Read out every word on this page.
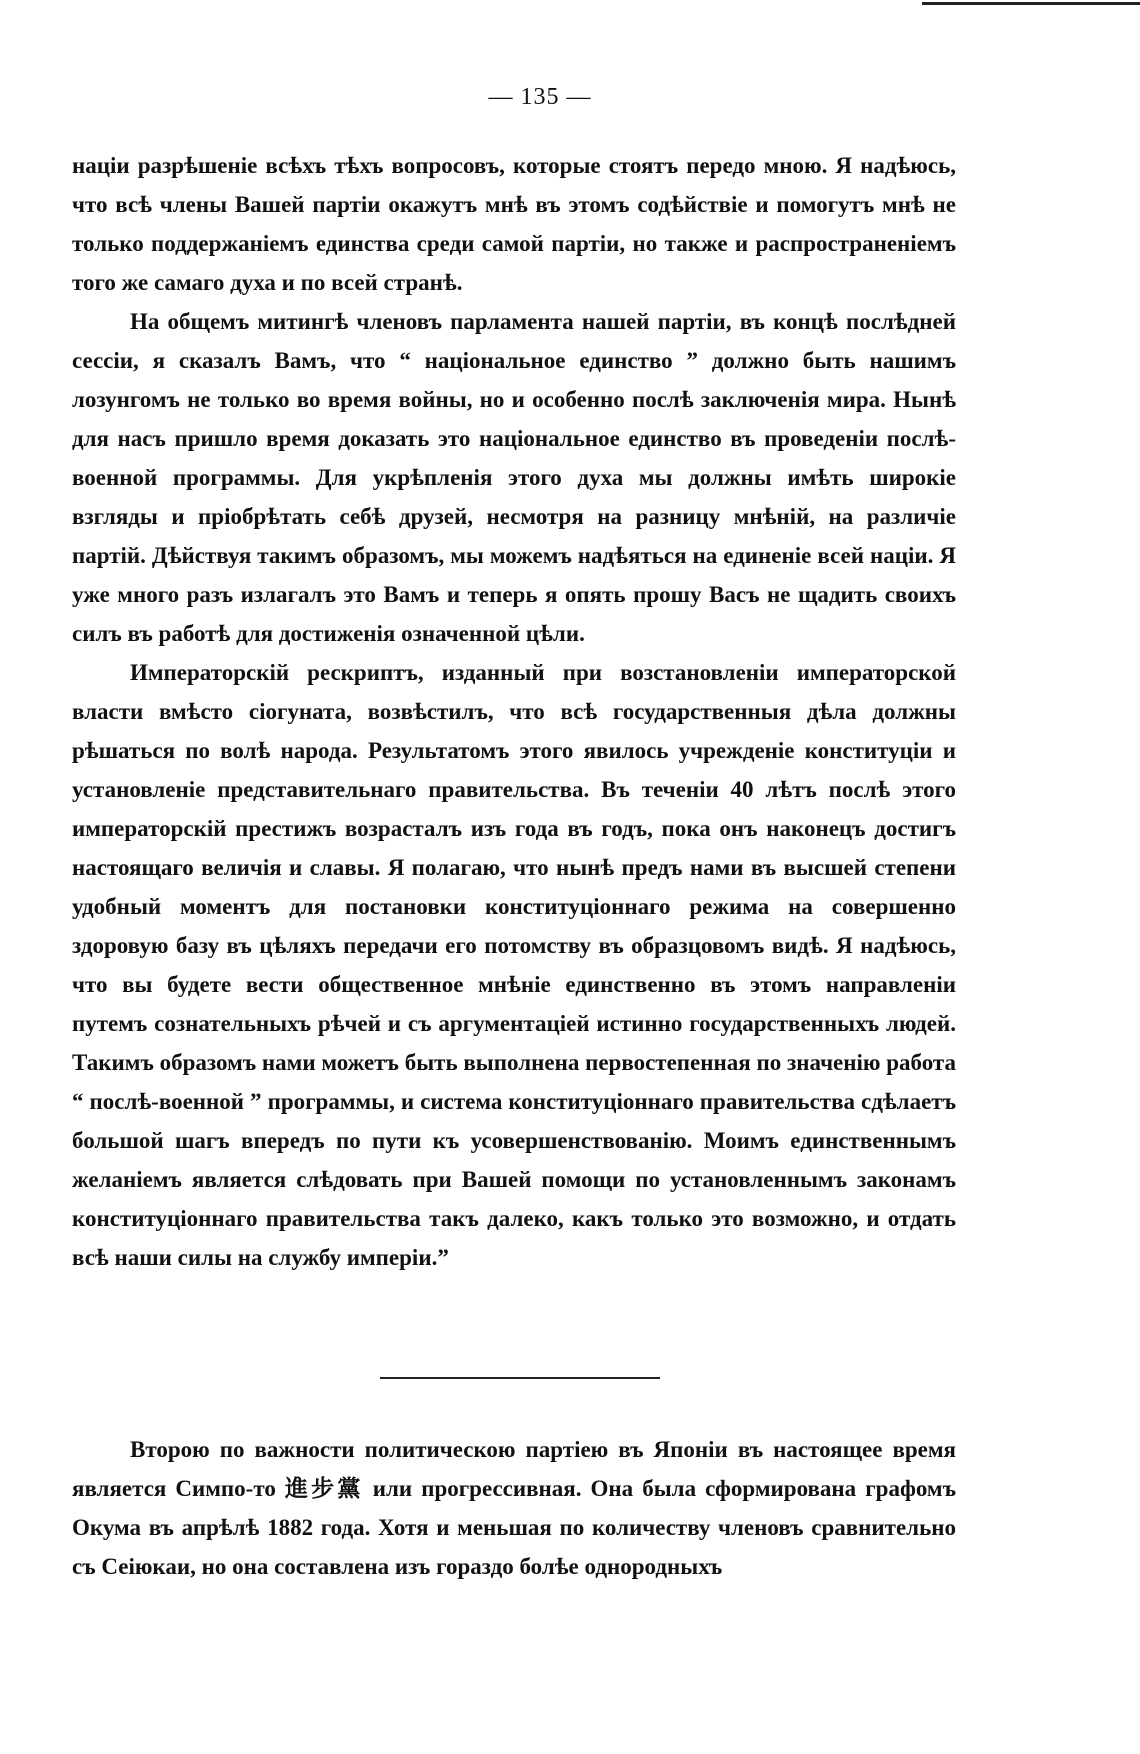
— 135 —

націи разрѣшеніе всѣхъ тѣхъ вопросовъ, которые стоятъ передо мною. Я надѣюсь, что всѣ члены Вашей партіи окажутъ мнѣ въ этомъ содѣйствіе и помогутъ мнѣ не только поддержаніемъ единства среди самой партіи, но также и распространеніемъ того же самаго духа и по всей странѣ.

На общемъ митингѣ членовъ парламента нашей партіи, въ концѣ послѣдней сессіи, я сказалъ Вамъ, что “ національное единство ” должно быть нашимъ лозунгомъ не только во время войны, но и особенно послѣ заключенія мира. Нынѣ для насъ пришло время доказать это національное единство въ проведеніи послѣ-военной программы. Для укрѣпленія этого духа мы должны имѣть широкіе взгляды и пріобрѣтать себѣ друзей, несмотря на разницу мнѣній, на различіе партій. Дѣйствуя такимъ образомъ, мы можемъ надѣяться на единеніе всей націи. Я уже много разъ излагалъ это Вамъ и теперь я опять прошу Васъ не щадить своихъ силъ въ работѣ для достиженія означенной цѣли.

Императорскій рескриптъ, изданный при возстановленіи императорской власти вмѣсто сіогуната, возвѣстилъ, что всѣ государственныя дѣла должны рѣшаться по волѣ народа. Результатомъ этого явилось учрежденіе конституціи и установленіе представительнаго правительства. Въ теченіи 40 лѣтъ послѣ этого императорскій престижъ возрасталъ изъ года въ годъ, пока онъ наконецъ достигъ настоящаго величія и славы. Я полагаю, что нынѣ предъ нами въ высшей степени удобный моментъ для постановки конституціоннаго режима на совершенно здоровую базу въ цѣляхъ передачи его потомству въ образцовомъ видѣ. Я надѣюсь, что вы будете вести общественное мнѣніе единственно въ этомъ направленіи путемъ сознательныхъ рѣчей и съ аргументаціей истинно государственныхъ людей. Такимъ образомъ нами можетъ быть выполнена первостепенная по значенію работа “ послѣ-военной ” программы, и система конституціоннаго правительства сдѣлаетъ большой шагъ впередъ по пути къ усовершенствованію. Моимъ единственнымъ желаніемъ является слѣдовать при Вашей помощи по установленнымъ законамъ конституціоннаго правительства такъ далеко, какъ только это возможно, и отдать всѣ наши силы на службу имперіи.”

Второю по важности политическою партіею въ Японіи въ настоящее время является Симпо-то 進步黨 или прогрессивная. Она была сформирована графомъ Окума въ апрѣлѣ 1882 года. Хотя и меньшая по количеству членовъ сравнительно съ Сеіюкаи, но она составлена изъ гораздо болѣе однородныхъ
